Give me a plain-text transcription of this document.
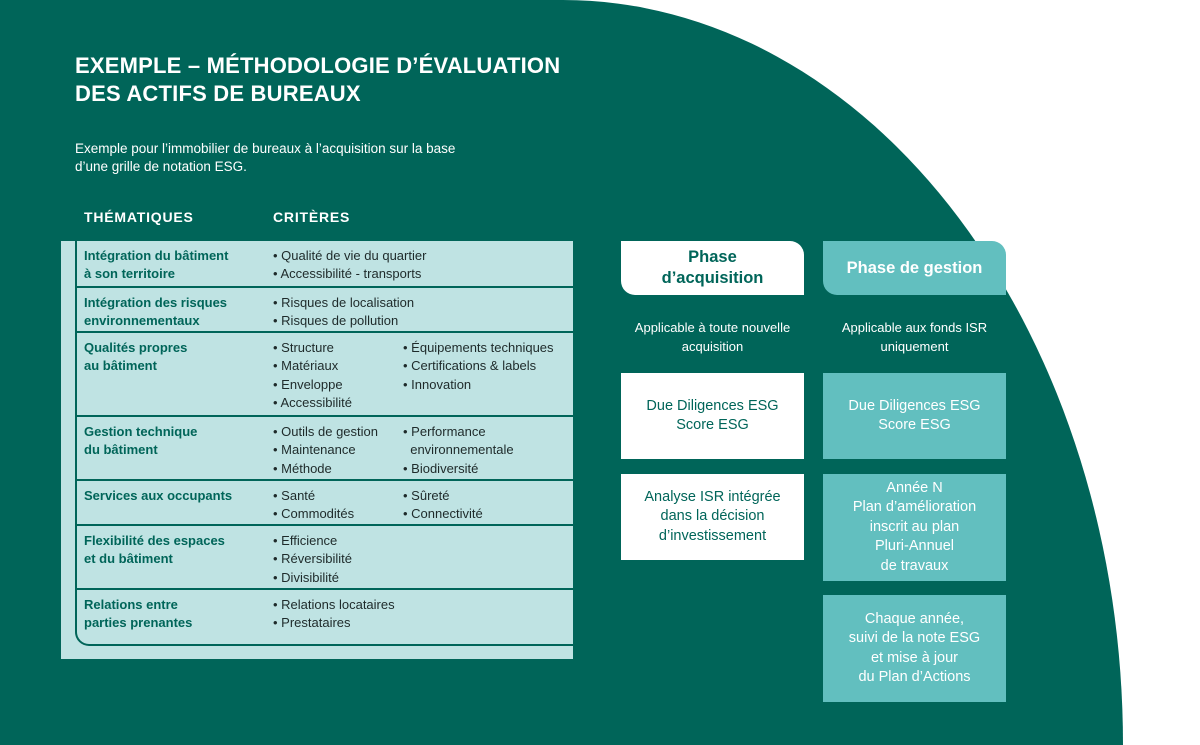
EXEMPLE – MÉTHODOLOGIE D’ÉVALUATION
DES ACTIFS DE BUREAUX
Exemple pour l’immobilier de bureaux à l’acquisition sur la base
d’une grille de notation ESG.
THÉMATIQUES	CRITÈRES
Intégration du bâtiment
à son territoire
• Qualité de vie du quartier
• Accessibilité - transports
Intégration des risques
environnementaux
• Risques de localisation
• Risques de pollution
Qualités propres
au bâtiment
• Structure
• Matériaux
• Enveloppe
• Accessibilité
• Équipements techniques
• Certifications & labels
• Innovation
Gestion technique
du bâtiment
• Outils de gestion
• Maintenance
• Méthode
• Performance
environnementale
• Biodiversité
Services aux occupants	• Santé
• Commodités
• Sûreté
• Connectivité
Flexibilité des espaces
et du bâtiment
• Efficience
• Réversibilité
• Divisibilité
Relations entre
parties prenantes
• Relations locataires
• Prestataires
Phase
d’acquisition
Applicable à toute nouvelle
acquisition
Due Diligences ESG
Score ESG
Analyse ISR intégrée
dans la décision
d’investissement
Phase de gestion
Applicable aux fonds ISR
uniquement
Due Diligences ESG
Score ESG
Année N
Plan d’amélioration
inscrit au plan
Pluri-Annuel
de travaux
Chaque année,
suivi de la note ESG
et mise à jour
du Plan d’Actions
